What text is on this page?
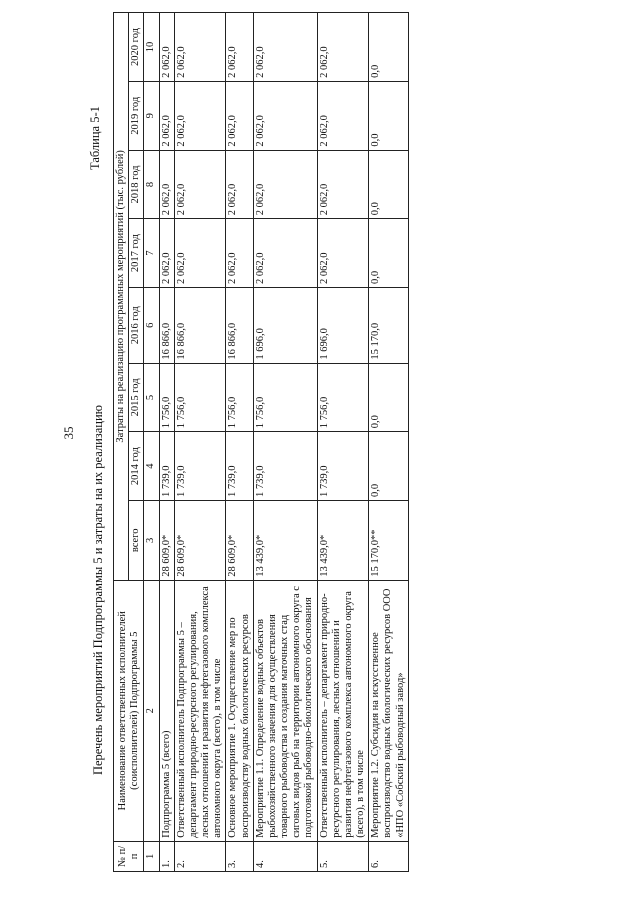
35
Таблица 5-1
Перечень мероприятий Подпрограммы 5 и затраты на их реализацию
№ п/п	Наименование ответственных исполнителей (соисполнителей) Подпрограммы 5	Затраты на реализацию программных мероприятий (тыс. рублей)							
		всего	2014 год	2015 год	2016 год	2017 год	2018 год	2019 год	2020 год

1	2	3	4	5	6	7	8	9	10
1.	Подпрограмма 5 (всего)	28 609,0*	1 739,0	1 756,0	16 866,0	2 062,0	2 062,0	2 062,0	2 062,0
2.	Ответственный исполнитель Подпрограммы 5 – департамент природно-ресурсного регулирования, лесных отношений и развития нефтегазового комплекса автономного округа (всего), в том числе	28 609,0*	1 739,0	1 756,0	16 866,0	2 062,0	2 062,0	2 062,0	2 062,0
3.	Основное мероприятие 1. Осуществление мер по воспроизводству водных биологических ресурсов	28 609,0*	1 739,0	1 756,0	16 866,0	2 062,0	2 062,0	2 062,0	2 062,0
4.	Мероприятие 1.1. Определение водных объектов рыбохозяйственного значения для осуществления товарного рыбоводства и создания маточных стад сиговых видов рыб на территории автономного округа с подготовкой рыбоводно-биологического обоснования	13 439,0*	1 739,0	1 756,0	1 696,0	2 062,0	2 062,0	2 062,0	2 062,0
5.	Ответственный исполнитель – департамент природно-ресурсного регулирования, лесных отношений и развития нефтегазового комплекса автономного округа (всего), в том числе	13 439,0*	1 739,0	1 756,0	1 696,0	2 062,0	2 062,0	2 062,0	2 062,0
6.	Мероприятие 1.2. Субсидия на искусственное воспроизводство водных биологических ресурсов ООО «НПО «Собский рыбоводный завод»	15 170,0**	0,0	0,0	15 170,0	0,0	0,0	0,0	0,0
